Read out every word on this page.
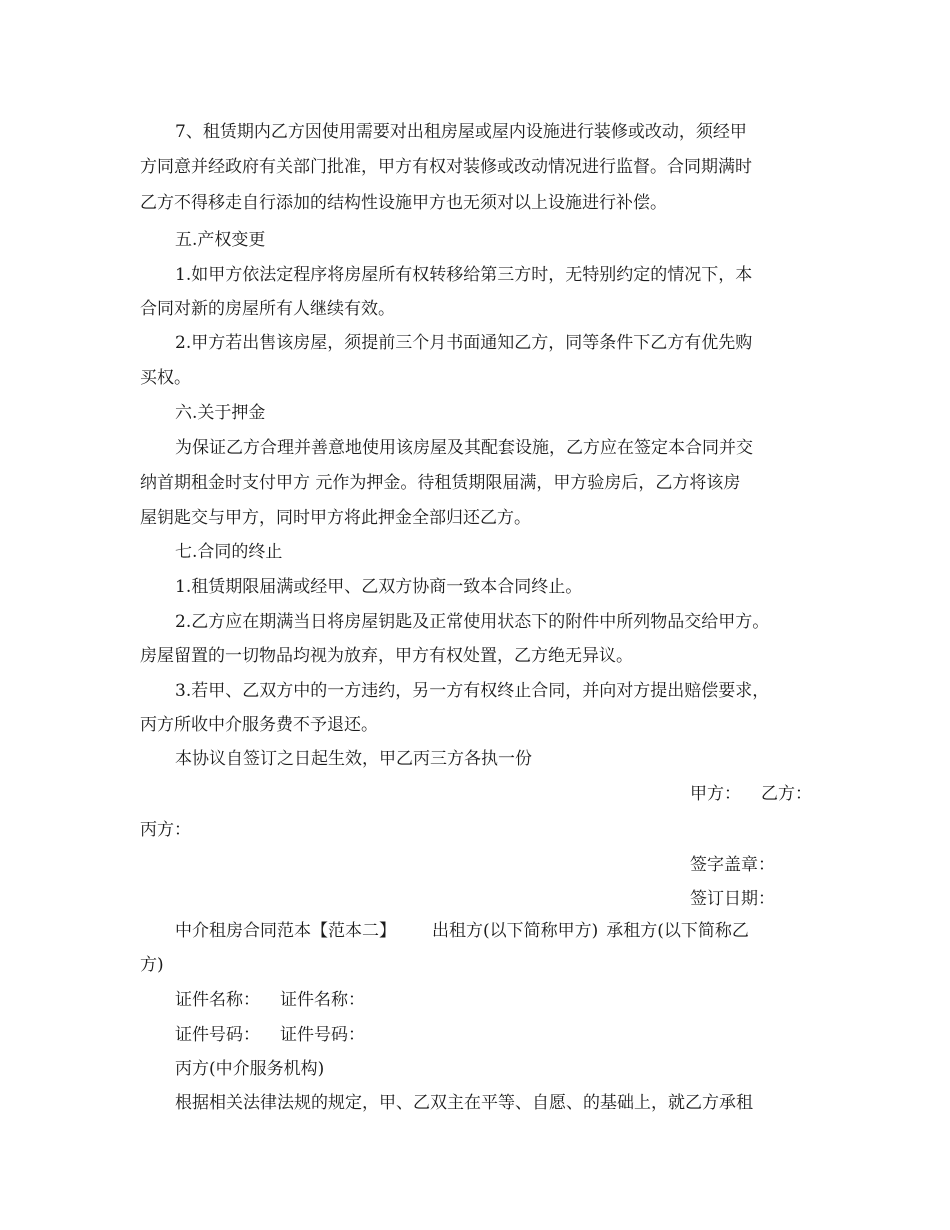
7、租赁期内乙方因使用需要对出租房屋或屋内设施进行装修或改动，须经甲
方同意并经政府有关部门批准，甲方有权对装修或改动情况进行监督。合同期满时
乙方不得移走自行添加的结构性设施甲方也无须对以上设施进行补偿。
五.产权变更
1.如甲方依法定程序将房屋所有权转移给第三方时，无特别约定的情况下，本
合同对新的房屋所有人继续有效。
2.甲方若出售该房屋，须提前三个月书面通知乙方，同等条件下乙方有优先购
买权。
六.关于押金
为保证乙方合理并善意地使用该房屋及其配套设施，乙方应在签定本合同并交
纳首期租金时支付甲方 元作为押金。待租赁期限届满，甲方验房后，乙方将该房
屋钥匙交与甲方，同时甲方将此押金全部归还乙方。
七.合同的终止
1.租赁期限届满或经甲、乙双方协商一致本合同终止。
2.乙方应在期满当日将房屋钥匙及正常使用状态下的附件中所列物品交给甲方。
房屋留置的一切物品均视为放弃，甲方有权处置，乙方绝无异议。
3.若甲、乙双方中的一方违约，另一方有权终止合同，并向对方提出赔偿要求，
丙方所收中介服务费不予退还。
本协议自签订之日起生效，甲乙丙三方各执一份
甲方： 乙方：
丙方：
签字盖章：
签订日期：
中介租房合同范本【范本二】 出租方(以下简称甲方) 承租方(以下简称乙
方)
证件名称： 证件名称：
证件号码： 证件号码：
丙方(中介服务机构)
根据相关法律法规的规定，甲、乙双主在平等、自愿、的基础上，就乙方承租
